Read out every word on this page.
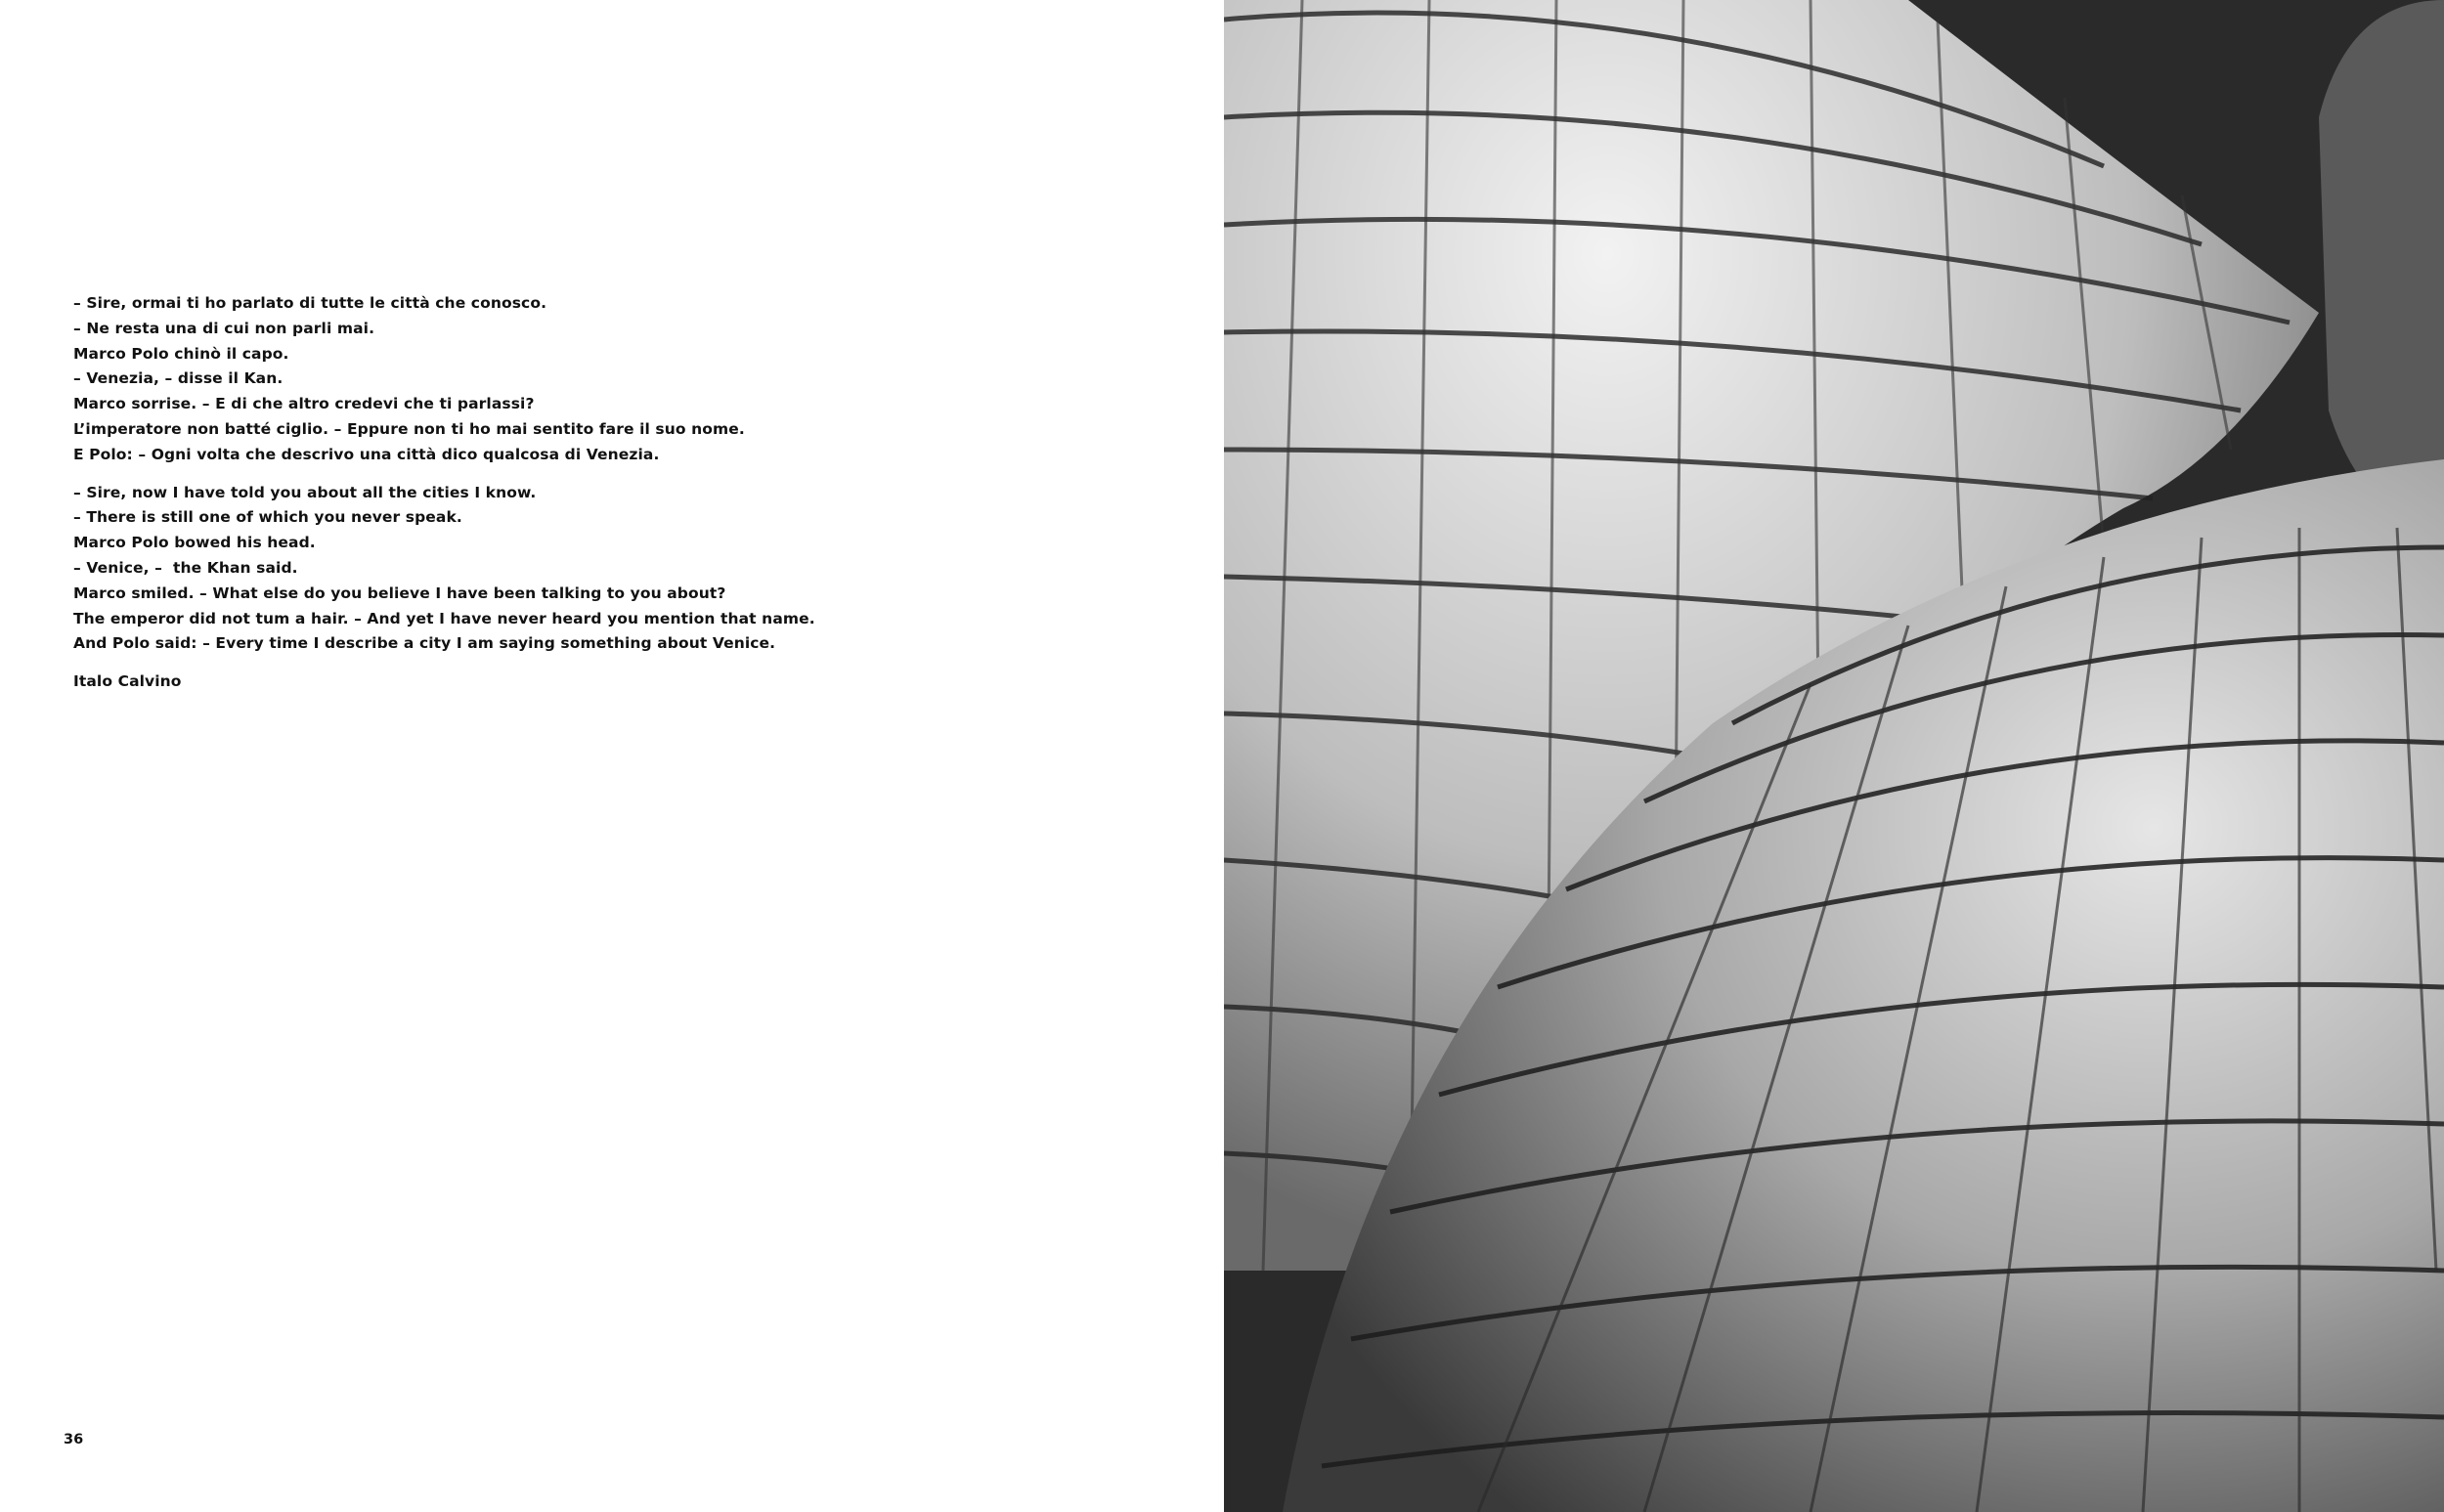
– Sire, ormai ti ho parlato di tutte le città che conosco.
– Ne resta una di cui non parli mai.
Marco Polo chinò il capo.
– Venezia, – disse il Kan.
Marco sorrise. – E di che altro credevi che ti parlassi?
L’imperatore non batté ciglio. – Eppure non ti ho mai sentito fare il suo nome.
E Polo: – Ogni volta che descrivo una città dico qualcosa di Venezia.
– Sire, now I have told you about all the cities I know.
– There is still one of which you never speak.
Marco Polo bowed his head.
– Venice, –  the Khan said.
Marco smiled. – What else do you believe I have been talking to you about?
The emperor did not tum a hair. – And yet I have never heard you mention that name.
And Polo said: – Every time I describe a city I am saying something about Venice.
Italo Calvino
36
